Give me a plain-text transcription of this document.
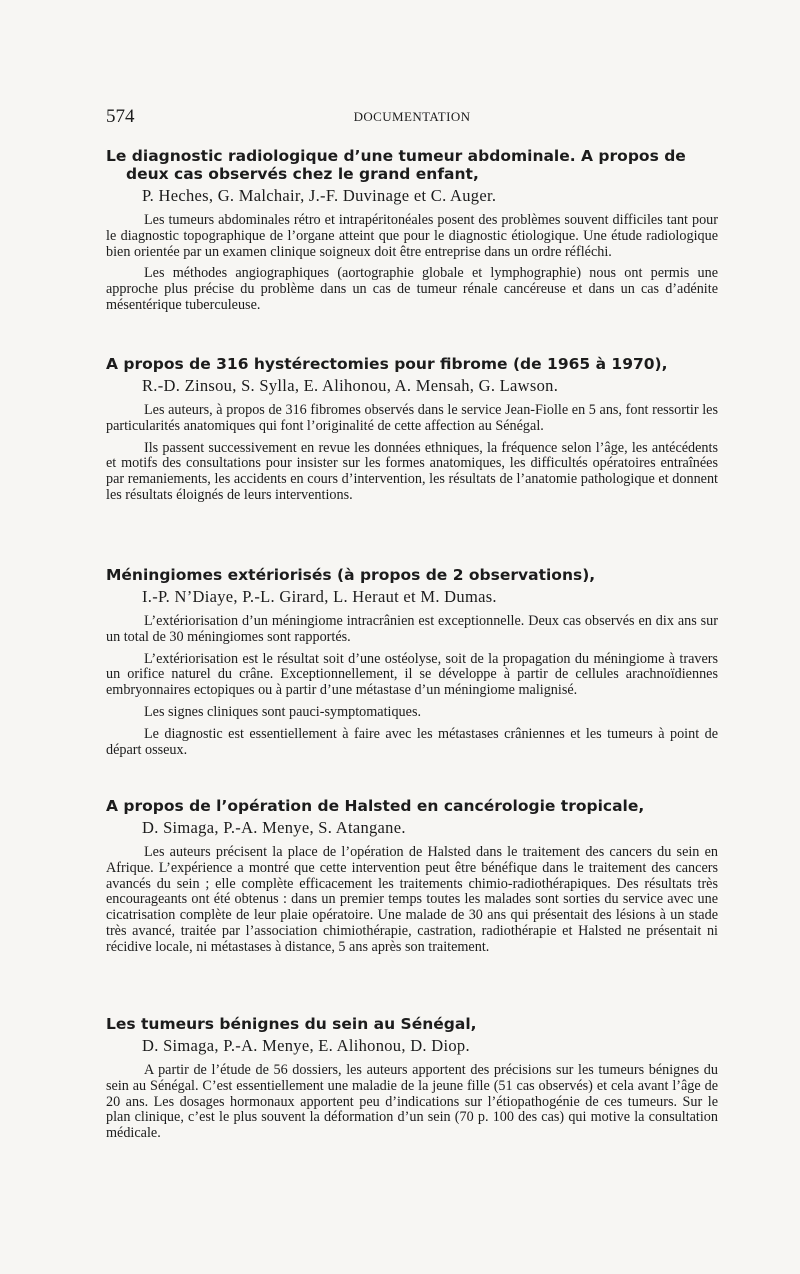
574	DOCUMENTATION
Le diagnostic radiologique d’une tumeur abdominale. A propos de deux cas observés chez le grand enfant,
P. Heches, G. Malchair, J.-F. Duvinage et C. Auger.

Les tumeurs abdominales rétro et intrapéritonéales posent des problèmes souvent difficiles tant pour le diagnostic topographique de l’organe atteint que pour le diagnostic étiologique. Une étude radiologique bien orientée par un examen clinique soigneux doit être entreprise dans un ordre réfléchi.

Les méthodes angiographiques (aortographie globale et lymphographie) nous ont permis une approche plus précise du problème dans un cas de tumeur rénale cancéreuse et dans un cas d’adénite mésentérique tuberculeuse.

A propos de 316 hystérectomies pour fibrome (de 1965 à 1970),
R.-D. Zinsou, S. Sylla, E. Alihonou, A. Mensah, G. Lawson.

Les auteurs, à propos de 316 fibromes observés dans le service Jean-Fiolle en 5 ans, font ressortir les particularités anatomiques qui font l’originalité de cette affection au Sénégal.

Ils passent successivement en revue les données ethniques, la fréquence selon l’âge, les antécédents et motifs des consultations pour insister sur les formes anatomiques, les difficultés opératoires entraînées par remaniements, les accidents en cours d’intervention, les résultats de l’anatomie pathologique et donnent les résultats éloignés de leurs interventions.

Méningiomes extériorisés (à propos de 2 observations),
I.-P. N’Diaye, P.-L. Girard, L. Heraut et M. Dumas.

L’extériorisation d’un méningiome intracrânien est exceptionnelle. Deux cas observés en dix ans sur un total de 30 méningiomes sont rapportés.

L’extériorisation est le résultat soit d’une ostéolyse, soit de la propagation du méningiome à travers un orifice naturel du crâne. Exceptionnellement, il se développe à partir de cellules arachnoïdiennes embryonnaires ectopiques ou à partir d’une métastase d’un méningiome malignisé.

Les signes cliniques sont pauci-symptomatiques.

Le diagnostic est essentiellement à faire avec les métastases crâniennes et les tumeurs à point de départ osseux.

A propos de l’opération de Halsted en cancérologie tropicale,
D. Simaga, P.-A. Menye, S. Atangane.

Les auteurs précisent la place de l’opération de Halsted dans le traitement des cancers du sein en Afrique. L’expérience a montré que cette intervention peut être bénéfique dans le traitement des cancers avancés du sein ; elle complète efficacement les traitements chimio-radiothérapiques. Des résultats très encourageants ont été obtenus : dans un premier temps toutes les malades sont sorties du service avec une cicatrisation complète de leur plaie opératoire. Une malade de 30 ans qui présentait des lésions à un stade très avancé, traitée par l’association chimiothérapie, castration, radiothérapie et Halsted ne présentait ni récidive locale, ni métastases à distance, 5 ans après son traitement.

Les tumeurs bénignes du sein au Sénégal,
D. Simaga, P.-A. Menye, E. Alihonou, D. Diop.

A partir de l’étude de 56 dossiers, les auteurs apportent des précisions sur les tumeurs bénignes du sein au Sénégal. C’est essentiellement une maladie de la jeune fille (51 cas observés) et cela avant l’âge de 20 ans. Les dosages hormonaux apportent peu d’indications sur l’étiopathogénie de ces tumeurs. Sur le plan clinique, c’est le plus souvent la déformation d’un sein (70 p. 100 des cas) qui motive la consultation médicale.
